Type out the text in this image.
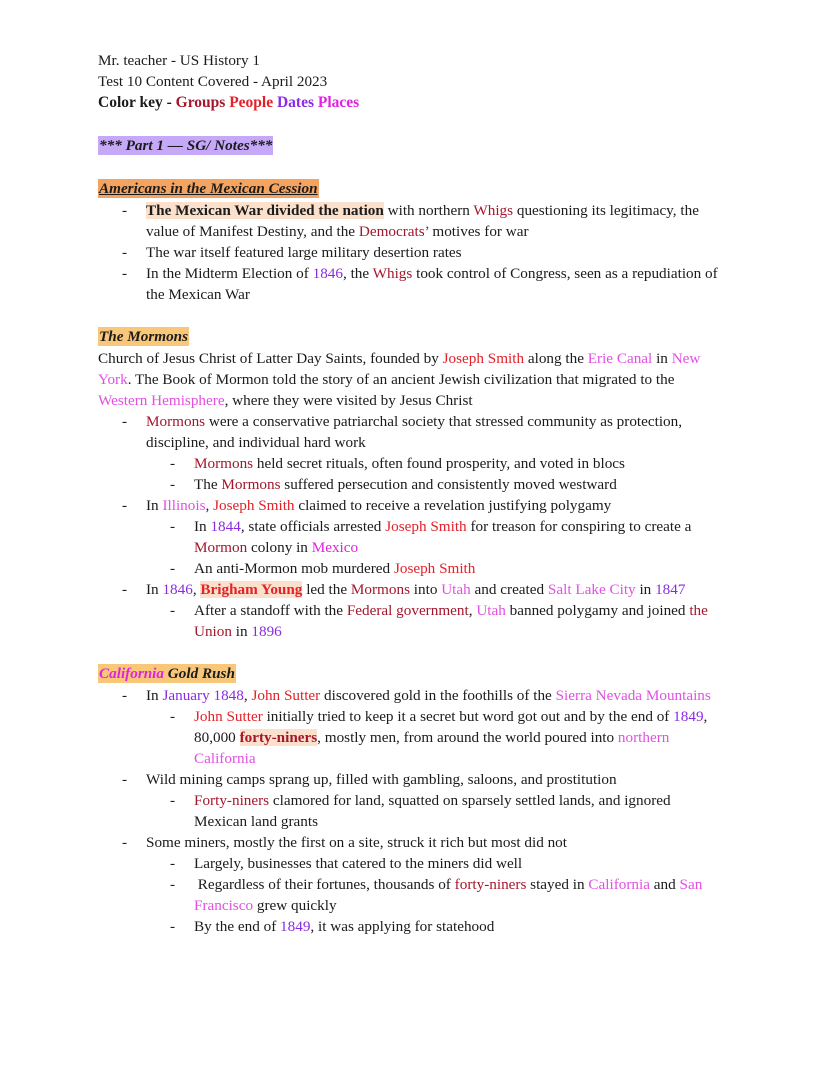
Mr. teacher - US History 1
Test 10 Content Covered - April 2023
Color key - Groups People Dates Places
*** Part 1 — SG/ Notes***
Americans in the Mexican Cession
- The Mexican War divided the nation with northern Whigs questioning its legitimacy, the value of Manifest Destiny, and the Democrats’ motives for war
- The war itself featured large military desertion rates
- In the Midterm Election of 1846, the Whigs took control of Congress, seen as a repudiation of the Mexican War
The Mormons
Church of Jesus Christ of Latter Day Saints, founded by Joseph Smith along the Erie Canal in New York. The Book of Mormon told the story of an ancient Jewish civilization that migrated to the Western Hemisphere, where they were visited by Jesus Christ
- Mormons were a conservative patriarchal society that stressed community as protection, discipline, and individual hard work
- Mormons held secret rituals, often found prosperity, and voted in blocs
- The Mormons suffered persecution and consistently moved westward
- In Illinois, Joseph Smith claimed to receive a revelation justifying polygamy
- In 1844, state officials arrested Joseph Smith for treason for conspiring to create a Mormon colony in Mexico
- An anti-Mormon mob murdered Joseph Smith
- In 1846, Brigham Young led the Mormons into Utah and created Salt Lake City in 1847
- After a standoff with the Federal government, Utah banned polygamy and joined the Union in 1896
California Gold Rush
- In January 1848, John Sutter discovered gold in the foothills of the Sierra Nevada Mountains
- John Sutter initially tried to keep it a secret but word got out and by the end of 1849, 80,000 forty-niners, mostly men, from around the world poured into northern California
- Wild mining camps sprang up, filled with gambling, saloons, and prostitution
- Forty-niners clamored for land, squatted on sparsely settled lands, and ignored Mexican land grants
- Some miners, mostly the first on a site, struck it rich but most did not
- Largely, businesses that catered to the miners did well
-  Regardless of their fortunes, thousands of forty-niners stayed in California and San Francisco grew quickly
- By the end of 1849, it was applying for statehood
